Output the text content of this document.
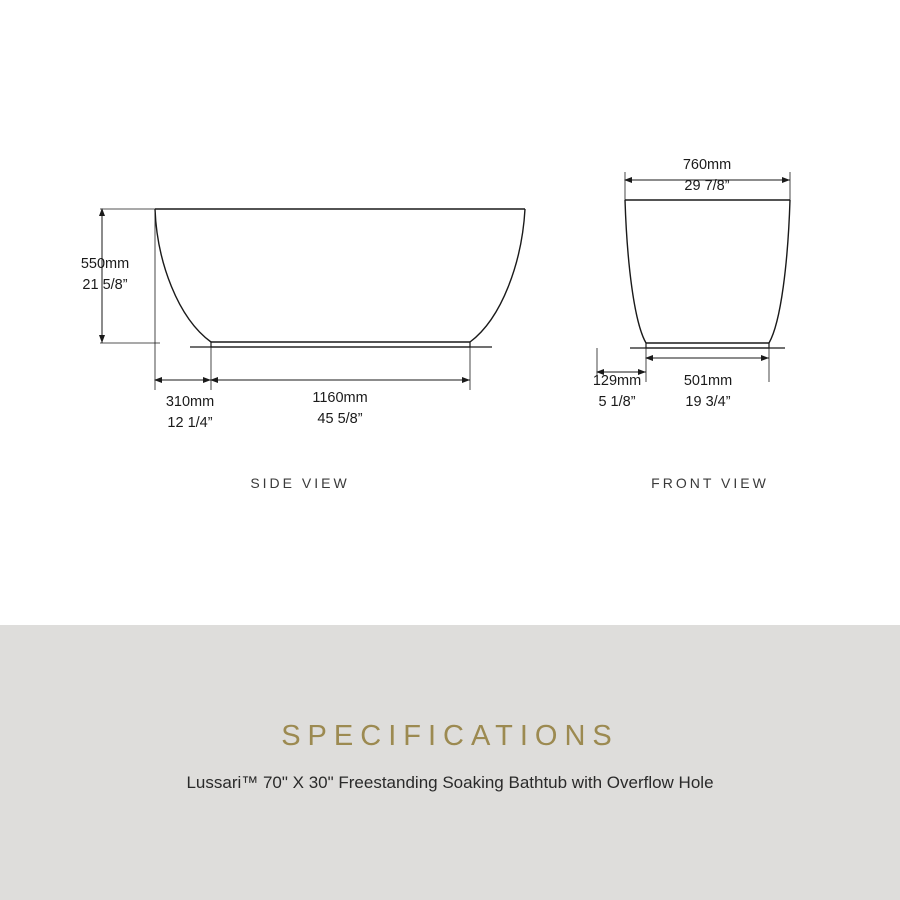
550mm
21 5/8”
310mm
12 1/4”
1160mm
45 5/8”
SIDE VIEW
760mm
29 7/8”
129mm
5 1/8”
501mm
19 3/4”
FRONT VIEW
SPECIFICATIONS
Lussari™ 70" X 30" Freestanding Soaking Bathtub with Overflow Hole
